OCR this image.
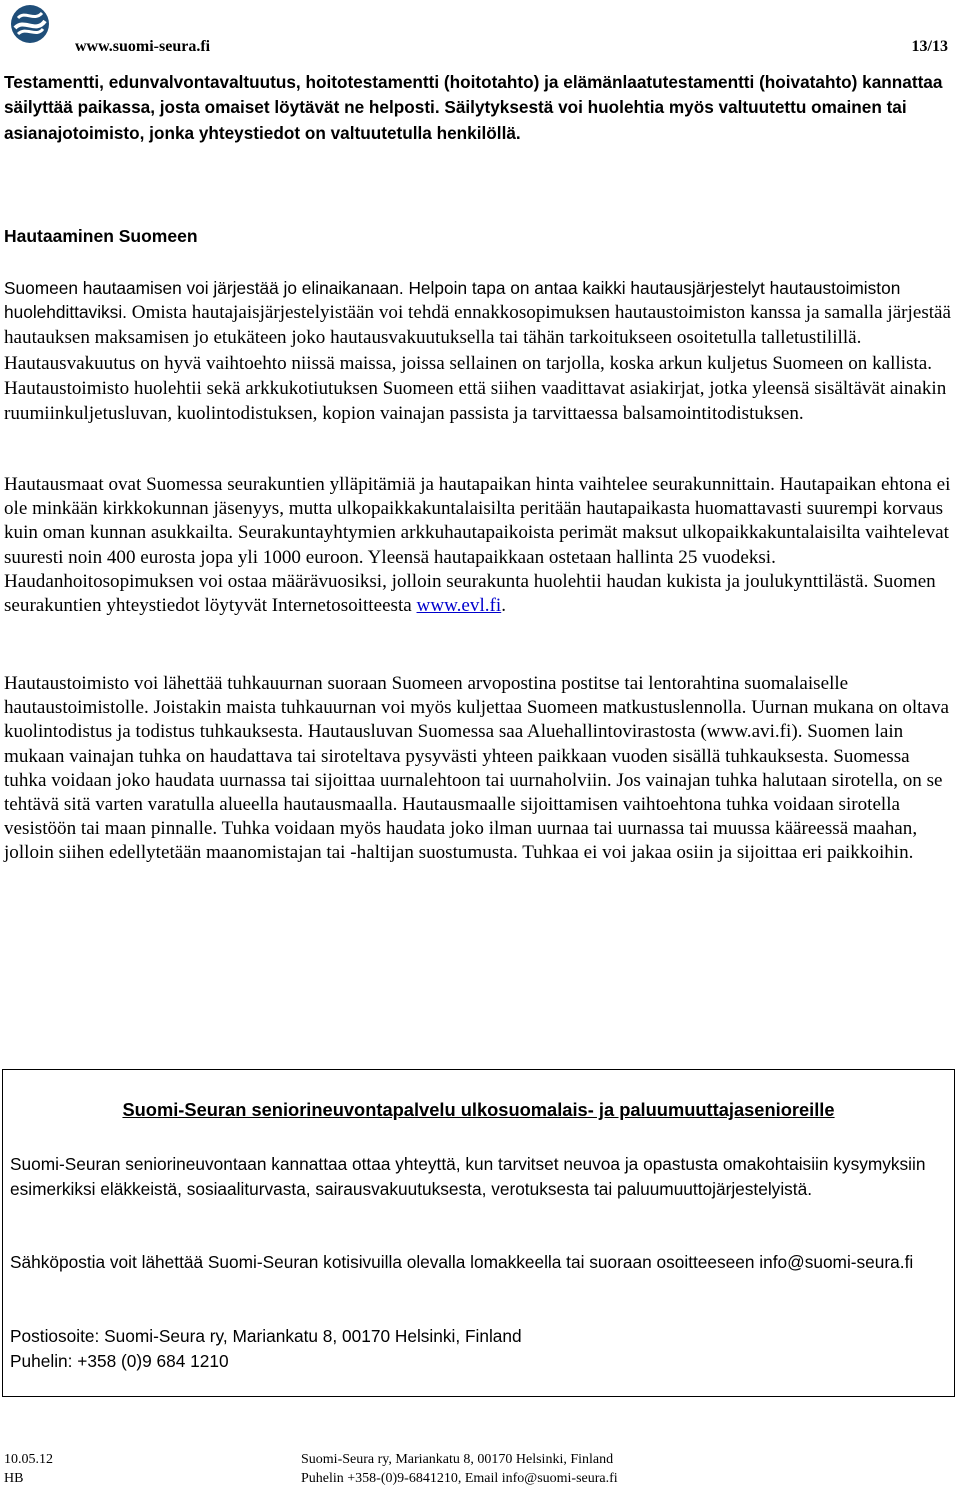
www.suomi-seura.fi	13/13

Testamentti, edunvalvontavaltuutus, hoitotestamentti (hoitotahto) ja elämänlaatutestamentti (hoivatahto) kannattaa säilyttää paikassa, josta omaiset löytävät ne helposti. Säilytyksestä voi huolehtia myös valtuutettu omainen tai asianajotoimisto, jonka yhteystiedot on valtuutetulla henkilöllä.

Hautaaminen Suomeen

Suomeen hautaamisen voi järjestää jo elinaikanaan. Helpoin tapa on antaa kaikki hautausjärjestelyt hautaustoimiston huolehdittaviksi. Omista hautajaisjärjestelyistään voi tehdä ennakkosopimuksen hautaustoimiston kanssa ja samalla järjestää hautauksen maksamisen jo etukäteen joko hautausvakuutuksella tai tähän tarkoitukseen osoitetulla talletustilillä. Hautausvakuutus on hyvä vaihtoehto niissä maissa, joissa sellainen on tarjolla, koska arkun kuljetus Suomeen on kallista. Hautaustoimisto huolehtii sekä arkkukotiutuksen Suomeen että siihen vaadittavat asiakirjat, jotka yleensä sisältävät ainakin ruumiinkuljetusluvan, kuolintodistuksen, kopion vainajan passista ja tarvittaessa balsamointitodistuksen.

Hautausmaat ovat Suomessa seurakuntien ylläpitämiä ja hautapaikan hinta vaihtelee seurakunnittain. Hautapaikan ehtona ei ole minkään kirkkokunnan jäsenyys, mutta ulkopaikkakuntalaisilta peritään hautapaikasta huomattavasti suurempi korvaus kuin oman kunnan asukkailta. Seurakuntayhtymien arkkuhautapaikoista perimät maksut ulkopaikkakuntalaisilta vaihtelevat suuresti noin 400 eurosta jopa yli 1000 euroon. Yleensä hautapaikkaan ostetaan hallinta 25 vuodeksi. Haudanhoitosopimuksen voi ostaa määrävuosiksi, jolloin seurakunta huolehtii haudan kukista ja joulukynttilästä. Suomen seurakuntien yhteystiedot löytyvät Internetosoitteesta www.evl.fi.

Hautaustoimisto voi lähettää tuhkauurnan suoraan Suomeen arvopostina postitse tai lentorahtina suomalaiselle hautaustoimistolle. Joistakin maista tuhkauurnan voi myös kuljettaa Suomeen matkustuslennolla. Uurnan mukana on oltava kuolintodistus ja todistus tuhkauksesta. Hautausluvan Suomessa saa Aluehallintovirastosta (www.avi.fi). Suomen lain mukaan vainajan tuhka on haudattava tai siroteltava pysyvästi yhteen paikkaan vuoden sisällä tuhkauksesta. Suomessa tuhka voidaan joko haudata uurnassa tai sijoittaa uurnalehtoon tai uurnaholviin. Jos vainajan tuhka halutaan sirotella, on se tehtävä sitä varten varatulla alueella hautausmaalla. Hautausmaalle sijoittamisen vaihtoehtona tuhka voidaan sirotella vesistöön tai maan pinnalle. Tuhka voidaan myös haudata joko ilman uurnaa tai uurnassa tai muussa kääreessä maahan, jolloin siihen edellytetään maanomistajan tai -haltijan suostumusta. Tuhkaa ei voi jakaa osiin ja sijoittaa eri paikkoihin.

Suomi-Seuran seniorineuvontapalvelu ulkosuomalais- ja paluumuuttajasenioreille

Suomi-Seuran seniorineuvontaan kannattaa ottaa yhteyttä, kun tarvitset neuvoa ja opastusta omakohtaisiin kysymyksiin esimerkiksi eläkkeistä, sosiaaliturvasta, sairausvakuutuksesta, verotuksesta tai paluumuuttojärjestelyistä.

Sähköpostia voit lähettää Suomi-Seuran kotisivuilla olevalla lomakkeella tai suoraan osoitteeseen info@suomi-seura.fi

Postiosoite: Suomi-Seura ry, Mariankatu 8, 00170 Helsinki, Finland

Puhelin: +358 (0)9 684 1210

10.05.12
HB
Suomi-Seura ry, Mariankatu 8, 00170 Helsinki, Finland
Puhelin +358-(0)9-6841210, Email info@suomi-seura.fi
